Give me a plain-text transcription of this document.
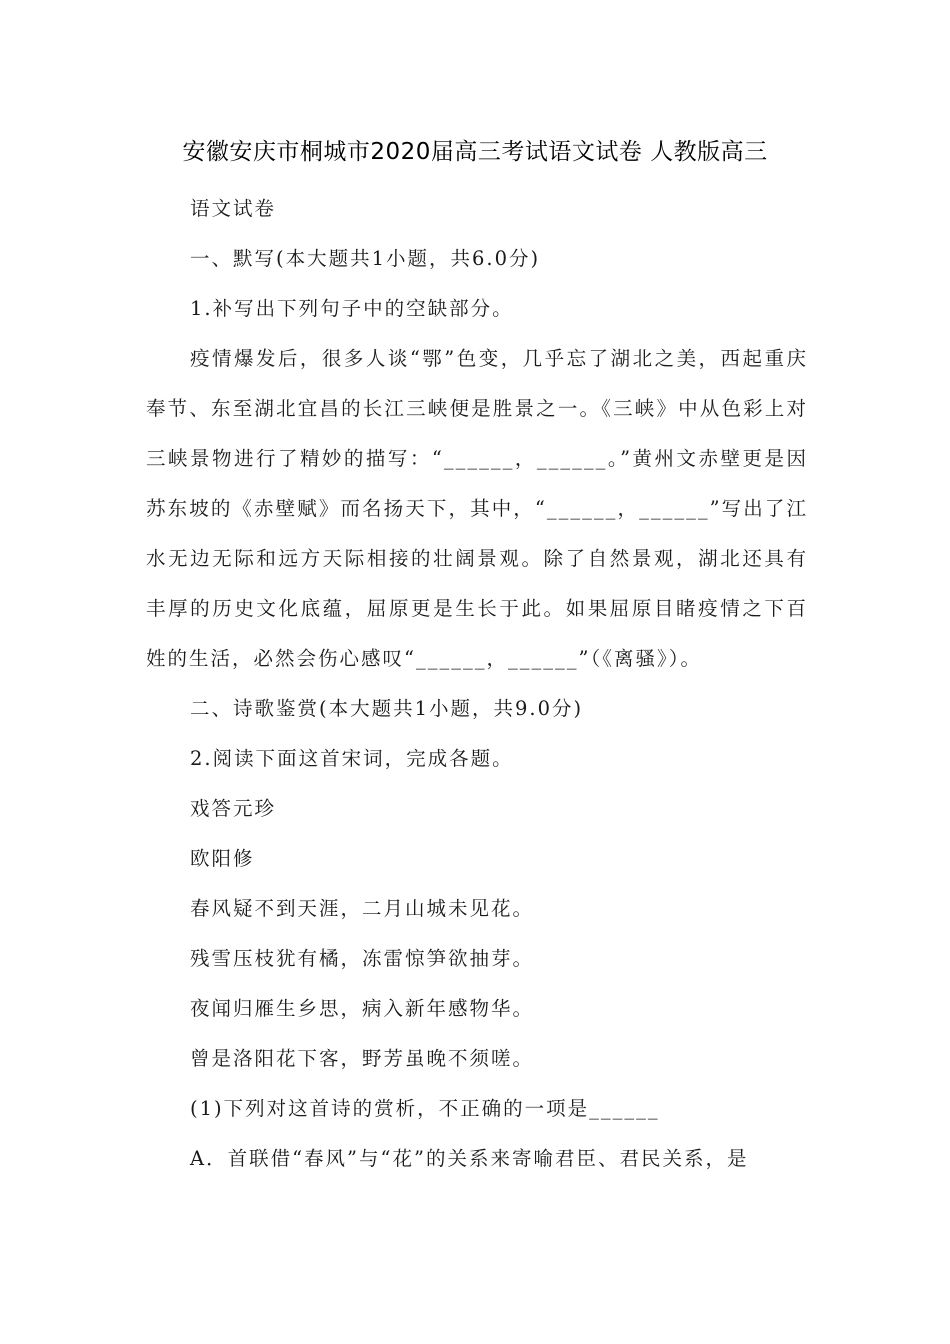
安徽安庆市桐城市2020届高三考试语文试卷 人教版高三

语文试卷

一、默写(本大题共1小题，共6.0分)

1.补写出下列句子中的空缺部分。

疫情爆发后，很多人谈“鄂”色变，几乎忘了湖北之美，西起重庆奉节、东至湖北宜昌的长江三峡便是胜景之一。《三峡》中从色彩上对三峡景物进行了精妙的描写：“______，______。”黄州文赤壁更是因苏东坡的《赤壁赋》而名扬天下，其中，“______，______”写出了江水无边无际和远方天际相接的壮阔景观。除了自然景观，湖北还具有丰厚的历史文化底蕴，屈原更是生长于此。如果屈原目睹疫情之下百姓的生活，必然会伤心感叹“______，______”（《离骚》）。

二、诗歌鉴赏(本大题共1小题，共9.0分)

2.阅读下面这首宋词，完成各题。

戏答元珍

欧阳修

春风疑不到天涯，二月山城未见花。

残雪压枝犹有橘，冻雷惊笋欲抽芽。

夜闻归雁生乡思，病入新年感物华。

曾是洛阳花下客，野芳虽晚不须嗟。

(1)下列对这首诗的赏析，不正确的一项是______

A．首联借“春风”与“花”的关系来寄喻君臣、君民关系，是
